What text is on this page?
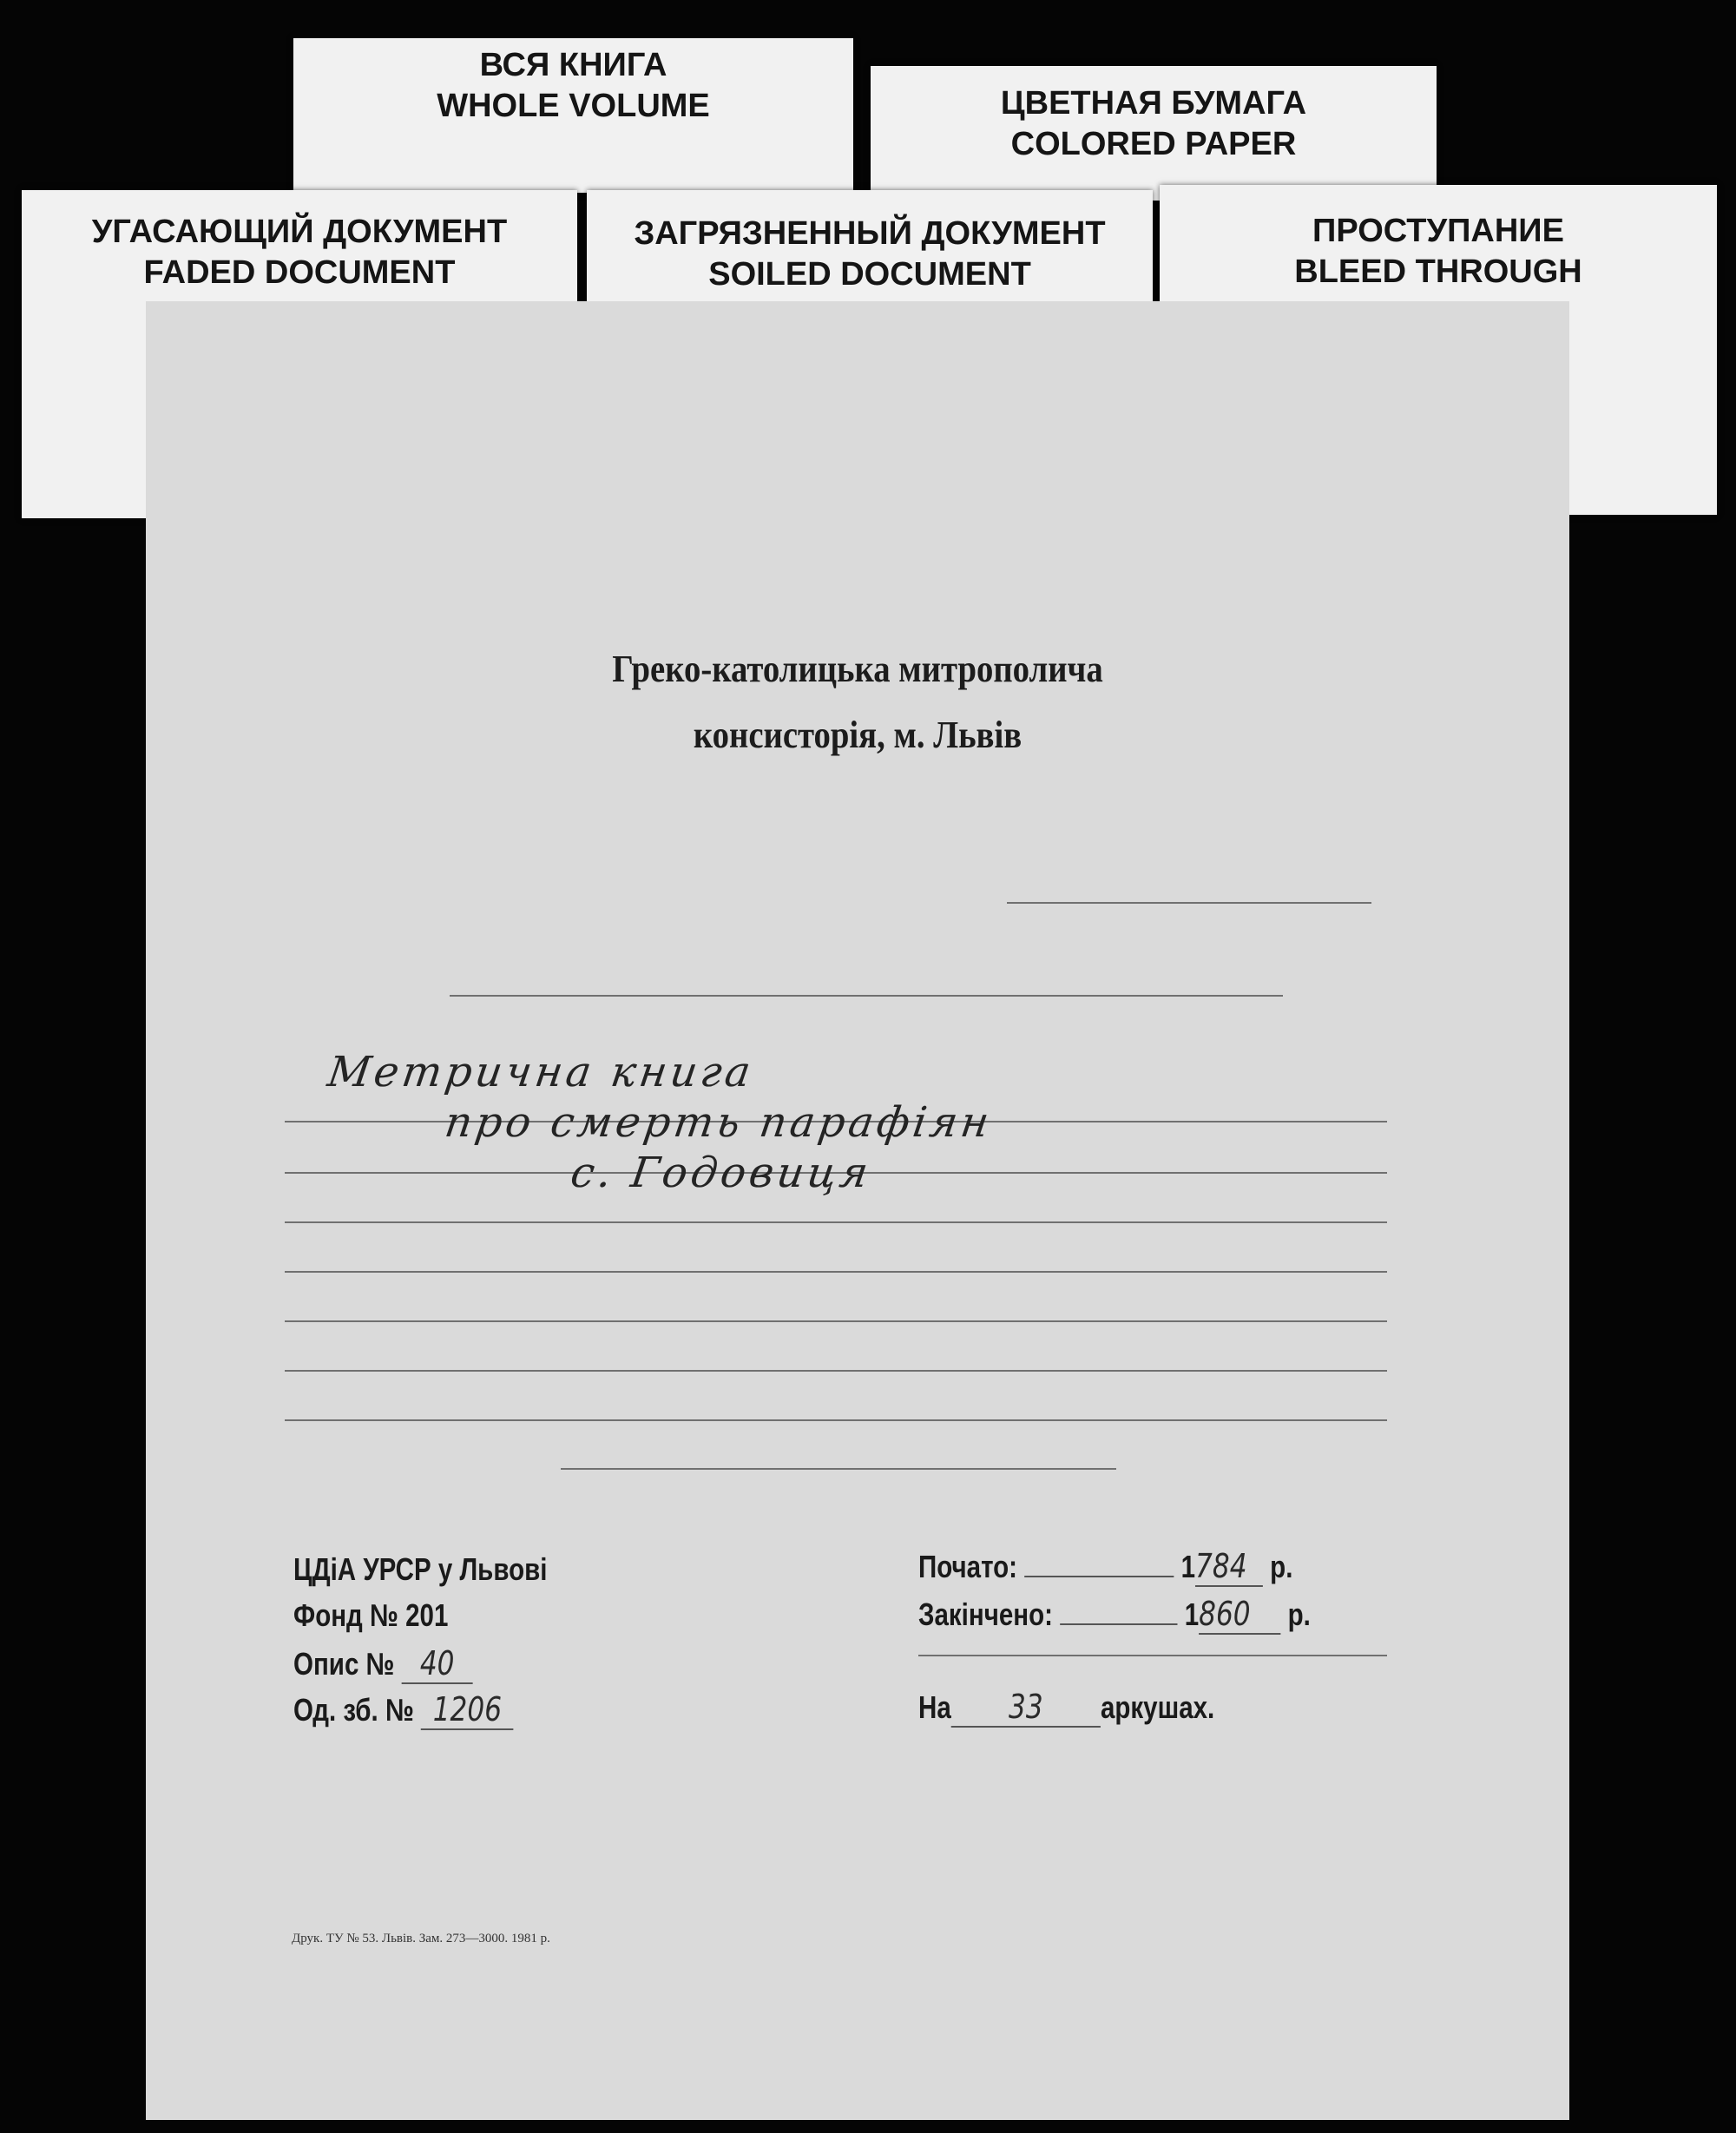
ВСЯ КНИГА
WHOLE VOLUME	ЦВЕТНАЯ БУМАГА
COLORED PAPER
УГАСАЮЩИЙ ДОКУМЕНТ
FADED DOCUMENT
ПРОСТУПАНИЕ
BLEED THROUGH
ЗАГРЯЗНЕННЫЙ ДОКУМЕНТ
SOILED DOCUMENT
Греко-католицька митрополича
консисторія, м. Львів
Метрична книга
про смерть парафіян
с. Годовиця
ЦДіА УРСР у Львові
Фонд № 201
Опис № 40
Од. зб. № 1206
Почато:	1784 р.
Закінчено:	1860 р.
На 33 аркушах.
Друк. ТУ № 53. Львів. Зам. 273—3000. 1981 р.
